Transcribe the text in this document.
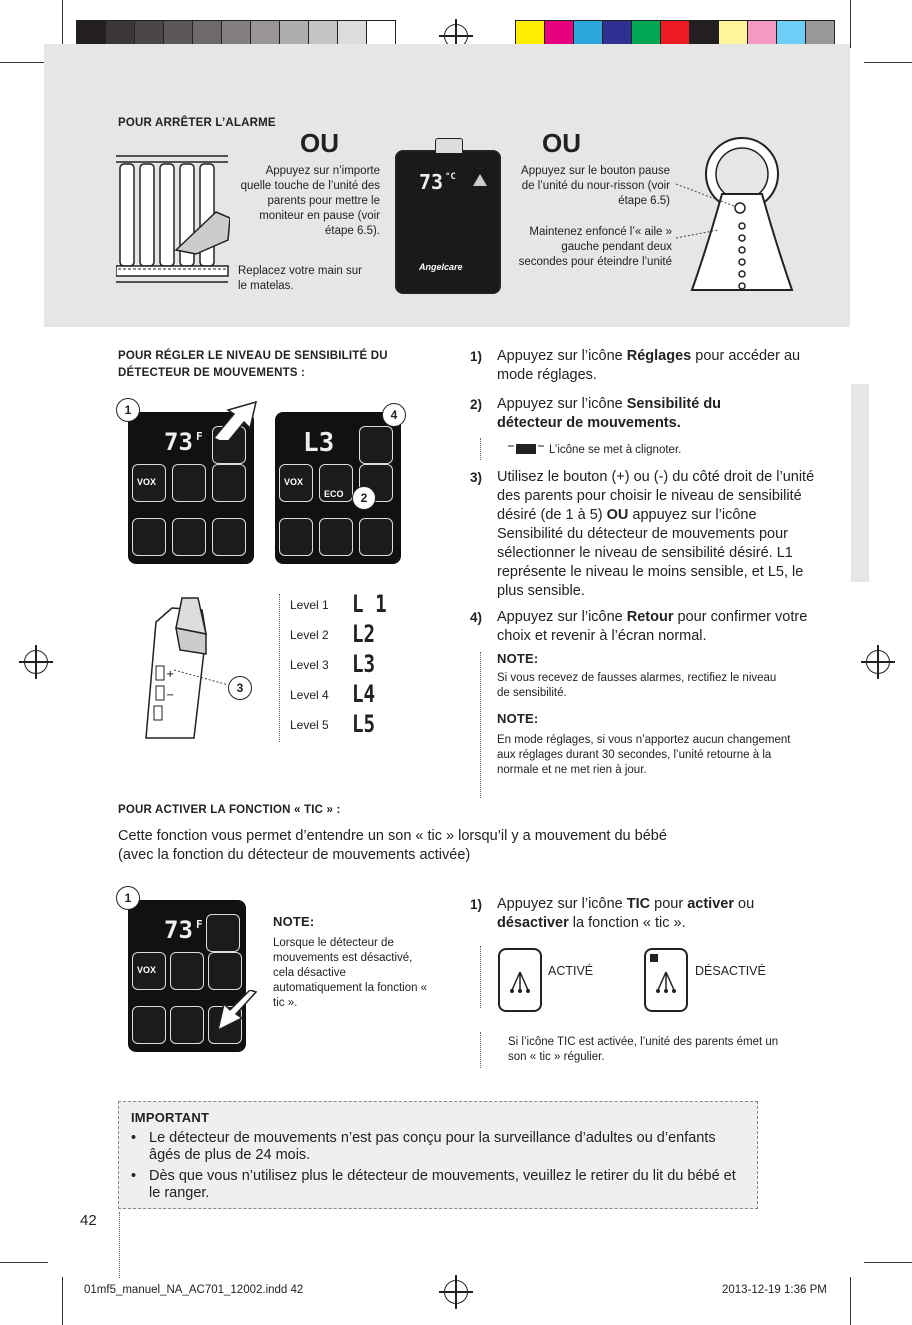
POUR ARRÊTER L’ALARME
OU	OU
Appuyez sur n’importe quelle touche de l’unité des parents pour mettre le moniteur en pause (voir étape 6.5).
Replacez votre main sur le matelas.
73 °C
Angelcare
Appuyez sur le bouton pause de l’unité du nour-risson (voir étape 6.5)
Maintenez enfoncé l’« aile » gauche pendant deux secondes pour éteindre l’unité
POUR RÉGLER LE NIVEAU DE SENSIBILITÉ DU
DÉTECTEUR DE MOUVEMENTS :
73 F
VOX
1
L3
VOX
ECO
4
2
+
−
3
Level 1 L 1
Level 2 L2
Level 3 L3
Level 4 L4
Level 5 L5
1) Appuyez sur l’icône Réglages pour accéder au mode réglages.
2) Appuyez sur l’icône Sensibilité du détecteur de mouvements.
L’icône se met à clignoter.
3) Utilisez le bouton (+) ou (-) du côté droit de l’unité des parents pour choisir le niveau de sensibilité désiré (de 1 à 5) OU appuyez sur l’icône Sensibilité du détecteur de mouvements pour sélectionner le niveau de sensibilité désiré. L1 représente le niveau le moins sensible, et L5, le plus sensible.
4) Appuyez sur l’icône Retour pour confirmer votre choix et revenir à l’écran normal.
NOTE:
Si vous recevez de fausses alarmes, rectifiez le niveau de sensibilité.
NOTE:
En mode réglages, si vous n’apportez aucun changement aux réglages durant 30 secondes, l’unité retourne à la normale et ne met rien à jour.
POUR ACTIVER LA FONCTION « TIC » :
Cette fonction vous permet d’entendre un son « tic » lorsqu’il y a mouvement du bébé
(avec la fonction du détecteur de mouvements activée)
73 F
VOX
1
NOTE:
Lorsque le détecteur de mouvements est désactivé, cela désactive automatiquement la fonction « tic ».
1) Appuyez sur l’icône TIC pour activer ou désactiver la fonction « tic ».
ACTIVÉ	DÉSACTIVÉ
Si l’icône TIC est activée, l’unité des parents émet un son « tic » régulier.
IMPORTANT
• Le détecteur de mouvements n’est pas conçu pour la surveillance d’adultes ou d’enfants âgés de plus de 24 mois.
• Dès que vous n’utilisez plus le détecteur de mouvements, veuillez le retirer du lit du bébé et le ranger.
42
01mf5_manuel_NA_AC701_12002.indd 42	2013-12-19 1:36 PM
